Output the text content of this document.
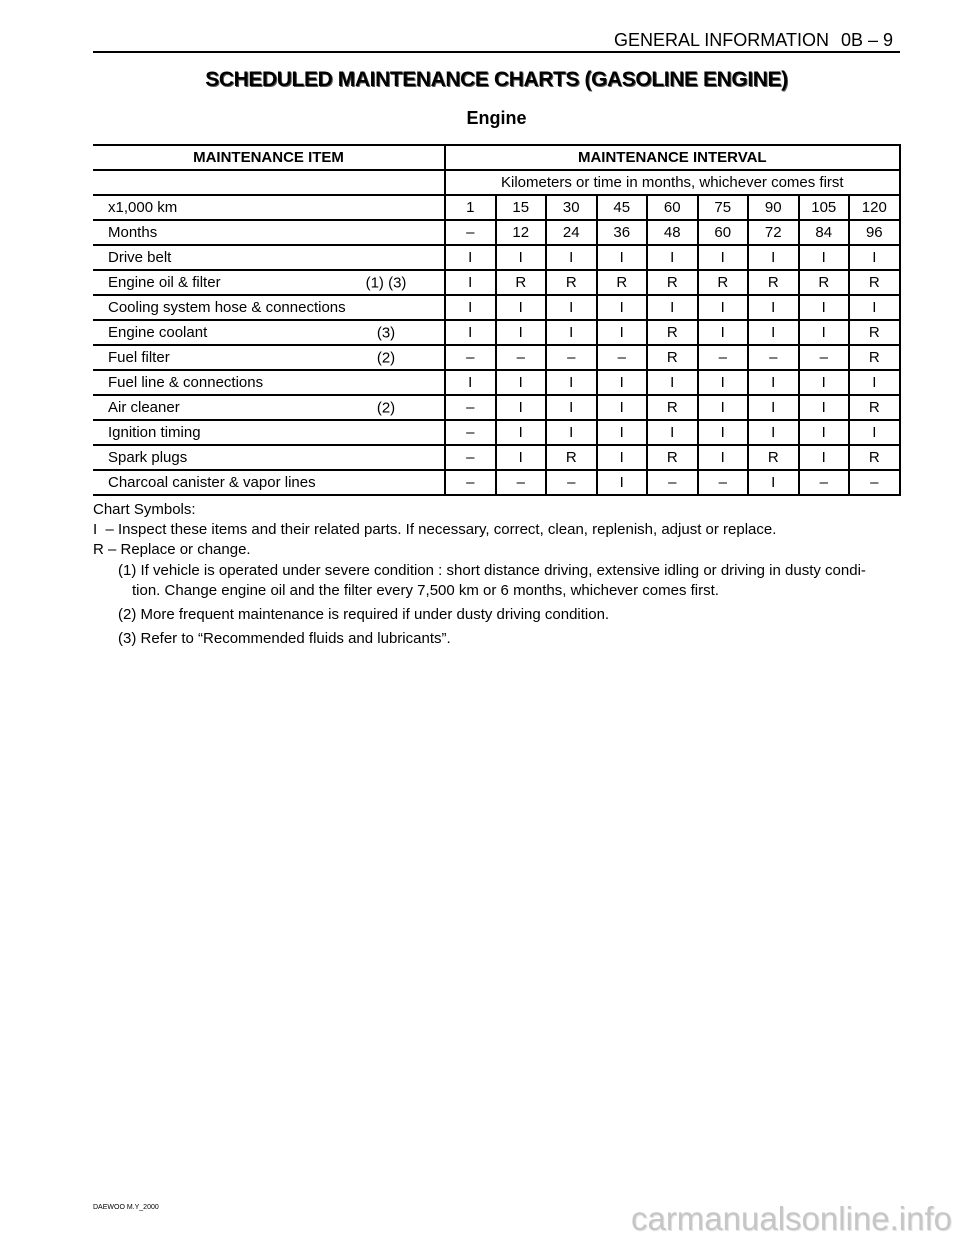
GENERAL INFORMATION 0B – 9
SCHEDULED MAINTENANCE CHARTS (GASOLINE ENGINE)
Engine
MAINTENANCE ITEM	MAINTENANCE INTERVAL								
	Kilometers or time in months, whichever comes first								
x1,000 km	1	15	30	45	60	75	90	105	120
Months	–	12	24	36	48	60	72	84	96
Drive belt	I	I	I	I	I	I	I	I	I
Engine oil & filter (1) (3)	I	R	R	R	R	R	R	R	R
Cooling system hose & connections	I	I	I	I	I	I	I	I	I
Engine coolant (3)	I	I	I	I	R	I	I	I	R
Fuel filter (2)	–	–	–	–	R	–	–	–	R
Fuel line & connections	I	I	I	I	I	I	I	I	I
Air cleaner (2)	–	I	I	I	R	I	I	I	R
Ignition timing	–	I	I	I	I	I	I	I	I
Spark plugs	–	I	R	I	R	I	R	I	R
Charcoal canister & vapor lines	–	–	–	I	–	–	I	–	–
Chart Symbols:
I  – Inspect these items and their related parts. If necessary, correct, clean, replenish, adjust or replace.
R – Replace or change.
(1) If vehicle is operated under severe condition : short distance driving, extensive idling or driving in dusty condi-
tion. Change engine oil and the filter every 7,500 km or 6 months, whichever comes first.
(2) More frequent maintenance is required if under dusty driving condition.
(3) Refer to “Recommended fluids and lubricants”.
DAEWOO M.Y_2000	carmanualsonline.info
